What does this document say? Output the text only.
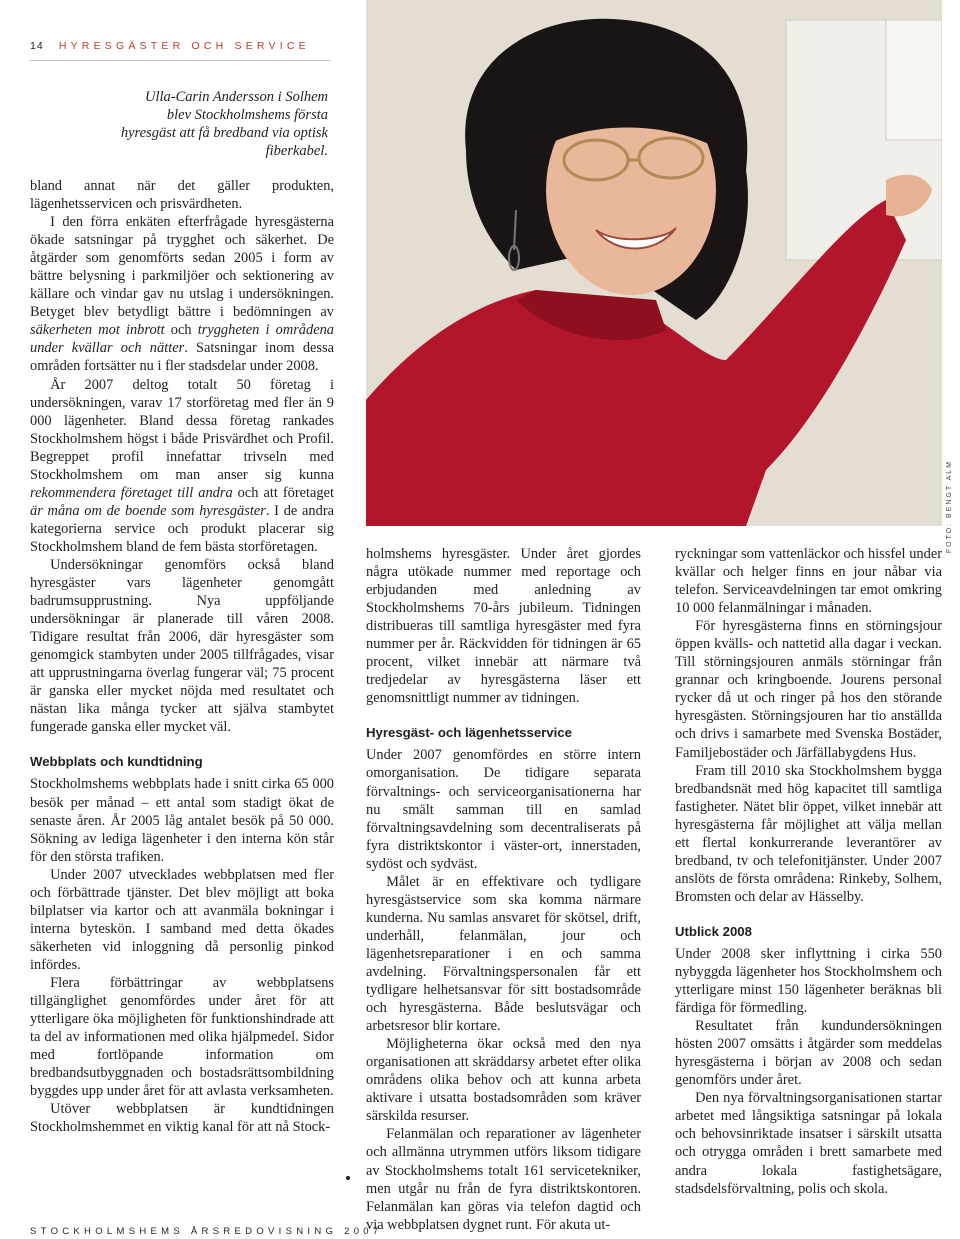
14 HYRESGÄSTER OCH SERVICE
Ulla-Carin Andersson i Solhem blev Stockholmshems första hyresgäst att få bredband via optisk fiberkabel.
FOTO: BENGT ALM

bland annat när det gäller produkten, lägenhetsservicen och prisvärdheten.

I den förra enkäten efterfrågade hyresgästerna ökade satsningar på trygghet och säkerhet. De åtgärder som genomförts sedan 2005 i form av bättre belysning i parkmiljöer och sektionering av källare och vindar gav nu utslag i undersökningen. Betyget blev betydligt bättre i bedömningen av säkerheten mot inbrott och tryggheten i områdena under kvällar och nätter. Satsningar inom dessa områden fortsätter nu i fler stadsdelar under 2008.

År 2007 deltog totalt 50 företag i undersökningen, varav 17 storföretag med fler än 9 000 lägenheter. Bland dessa företag rankades Stockholmshem högst i både Prisvärdhet och Profil. Begreppet profil innefattar trivseln med Stockholmshem om man anser sig kunna rekommendera företaget till andra och att företaget är måna om de boende som hyresgäster. I de andra kategorierna service och produkt placerar sig Stockholmshem bland de fem bästa storföretagen.

Undersökningar genomförs också bland hyresgäster vars lägenheter genomgått badrumsupprustning. Nya uppföljande undersökningar är planerade till våren 2008. Tidigare resultat från 2006, där hyresgäster som genomgick stambyten under 2005 tillfrågades, visar att upprustningarna överlag fungerar väl; 75 procent är ganska eller mycket nöjda med resultatet och nästan lika många tycker att själva stambytet fungerade ganska eller mycket väl.

Webbplats och kundtidning

Stockholmshems webbplats hade i snitt cirka 65 000 besök per månad – ett antal som stadigt ökat de senaste åren. År 2005 låg antalet besök på 50 000. Sökning av lediga lägenheter i den interna kön står för den största trafiken.

Under 2007 utvecklades webbplatsen med fler och förbättrade tjänster. Det blev möjligt att boka bilplatser via kartor och att avanmäla bokningar i interna byteskön. I samband med detta ökades säkerheten vid inloggning då personlig pinkod infördes.

Flera förbättringar av webbplatsens tillgänglighet genomfördes under året för att ytterligare öka möjligheten för funktionshindrade att ta del av informationen med olika hjälpmedel. Sidor med fortlöpande information om bredbandsutbyggnaden och bostadsrättsombildning byggdes upp under året för att avlasta verksamheten.

Utöver webbplatsen är kundtidningen Stockholmshemmet en viktig kanal för att nå Stock-

holmshems hyresgäster. Under året gjordes några utökade nummer med reportage och erbjudanden med anledning av Stockholmshems 70-års jubileum. Tidningen distribueras till samtliga hyresgäster med fyra nummer per år. Räckvidden för tidningen är 65 procent, vilket innebär att närmare två tredjedelar av hyresgästerna läser ett genomsnittligt nummer av tidningen.

Hyresgäst- och lägenhetsservice

Under 2007 genomfördes en större intern omorganisation. De tidigare separata förvaltnings- och serviceorganisationerna har nu smält samman till en samlad förvaltningsavdelning som decentraliserats på fyra distriktskontor i väster-ort, innerstaden, sydöst och sydväst.

Målet är en effektivare och tydligare hyresgästservice som ska komma närmare kunderna. Nu samlas ansvaret för skötsel, drift, underhåll, felanmälan, jour och lägenhetsreparationer i en och samma avdelning. Förvaltningspersonalen får ett tydligare helhetsansvar för sitt bostadsområde och hyresgästerna. Både beslutsvägar och arbetsresor blir kortare.

Möjligheterna ökar också med den nya organisationen att skräddarsy arbetet efter olika områdens olika behov och att kunna arbeta aktivare i utsatta bostadsområden som kräver särskilda resurser.

Felanmälan och reparationer av lägenheter och allmänna utrymmen utförs liksom tidigare av Stockholmshems totalt 161 servicetekniker, men utgår nu från de fyra distriktskontoren. Felanmälan kan göras via telefon dagtid och via webbplatsen dygnet runt. För akuta ut-

ryckningar som vattenläckor och hissfel under kvällar och helger finns en jour nåbar via telefon. Serviceavdelningen tar emot omkring 10 000 felanmälningar i månaden.

För hyresgästerna finns en störningsjour öppen kvälls- och nattetid alla dagar i veckan. Till störningsjouren anmäls störningar från grannar och kringboende. Jourens personal rycker då ut och ringer på hos den störande hyresgästen. Störningsjouren har tio anställda och drivs i samarbete med Svenska Bostäder, Familjebostäder och Järfällabygdens Hus.

Fram till 2010 ska Stockholmshem bygga bredbandsnät med hög kapacitet till samtliga fastigheter. Nätet blir öppet, vilket innebär att hyresgästerna får möjlighet att välja mellan ett flertal konkurrerande leverantörer av bredband, tv och telefonitjänster. Under 2007 anslöts de första områdena: Rinkeby, Solhem, Bromsten och delar av Hässelby.

Utblick 2008

Under 2008 sker inflyttning i cirka 550 nybyggda lägenheter hos Stockholmshem och ytterligare minst 150 lägenheter beräknas bli färdiga för förmedling.

Resultatet från kundundersökningen hösten 2007 omsätts i åtgärder som meddelas hyresgästerna i början av 2008 och sedan genomförs under året.

Den nya förvaltningsorganisationen startar arbetet med långsiktiga satsningar på lokala och behovsinriktade insatser i särskilt utsatta och otrygga områden i brett samarbete med andra lokala fastighetsägare, stadsdelsförvaltning, polis och skola.

STOCKHOLMSHEMS ÅRSREDOVISNING 2007
